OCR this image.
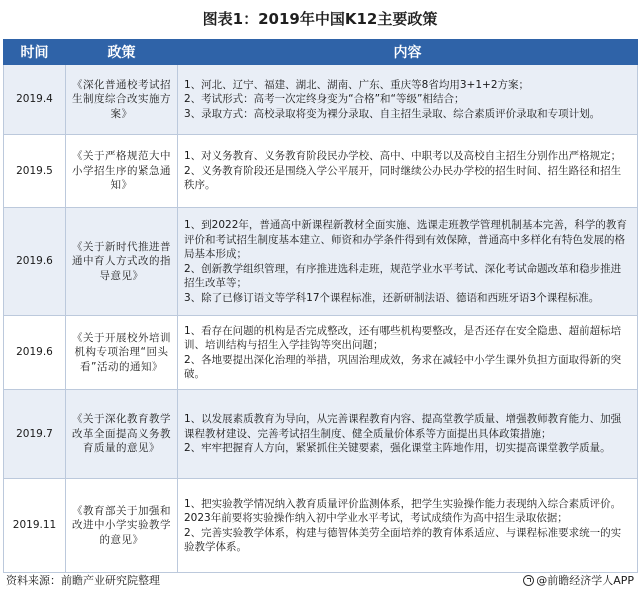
图表1：2019年中国K12主要政策
时间	政策	内容
2019.4	《深化普通校考试招生制度综合改实施方案》	1、河北、辽宁、福建、湖北、湖南、广东、重庆等8省均用3+1+2方案；
2、考试形式：高考一次定终身变为“合格”和“等级”相结合；
3、录取方式：高校录取将变为裸分录取、自主招生录取、综合素质评价录取和专项计划。

2019.5	《关于严格规范大中小学招生序的紧急通知》	1、对义务教育、义务教育阶段民办学校、高中、中职考以及高校自主招生分别作出严格规定；
2、义务教育阶段还是围绕入学公平展开，同时继续公办民办学校的招生时间、招生路径和招生秩序。

2019.6	《关于新时代推进普通中育人方式改的指导意见》	1、到2022年，普通高中新课程新教材全面实施、选课走班教学管理机制基本完善，科学的教育评价和考试招生制度基本建立、师资和办学条件得到有效保障，普通高中多样化有特色发展的格局基本形成；
2、创新教学组织管理，有序推进选科走班，规范学业水平考试、深化考试命题改革和稳步推进招生改革等；
3、除了已修订语文等学科17个课程标准，还新研制法语、德语和西班牙语3个课程标准。

2019.6	《关于开展校外培训机构专项治理“回头看”活动的通知》	1、看存在问题的机构是否完成整改，还有哪些机构要整改，是否还存在安全隐患、超前超标培训、培训结构与招生入学挂钩等突出问题；
2、各地要提出深化治理的举措，巩固治理成效，务求在减轻中小学生课外负担方面取得新的突破。

2019.7	《关于深化教育教学改革全面提高义务教育质量的意见》	1、以发展素质教育为导向，从完善课程教育内容、提高堂教学质量、增强教师教育能力、加强课程教材建设、完善考试招生制度、健全质量价体系等方面提出具体政策措施；
2、牢牢把握育人方向，紧紧抓住关键要素，强化课堂主阵地作用，切实提高课堂教学质量。

2019.11	《教育部关于加强和改进中小学实验教学的意见》	1、把实验教学情况纳入教育质量评价监测体系，把学生实验操作能力表现纳入综合素质评价。2023年前要将实验操作纳入初中学业水平考试，考试成绩作为高中招生录取依据；
2、完善实验教学体系，构建与德智体美劳全面培养的教育体系适应、与课程标准要求统一的实验教学体系。
资料来源：前瞻产业研究院整理	@前瞻经济学人APP
